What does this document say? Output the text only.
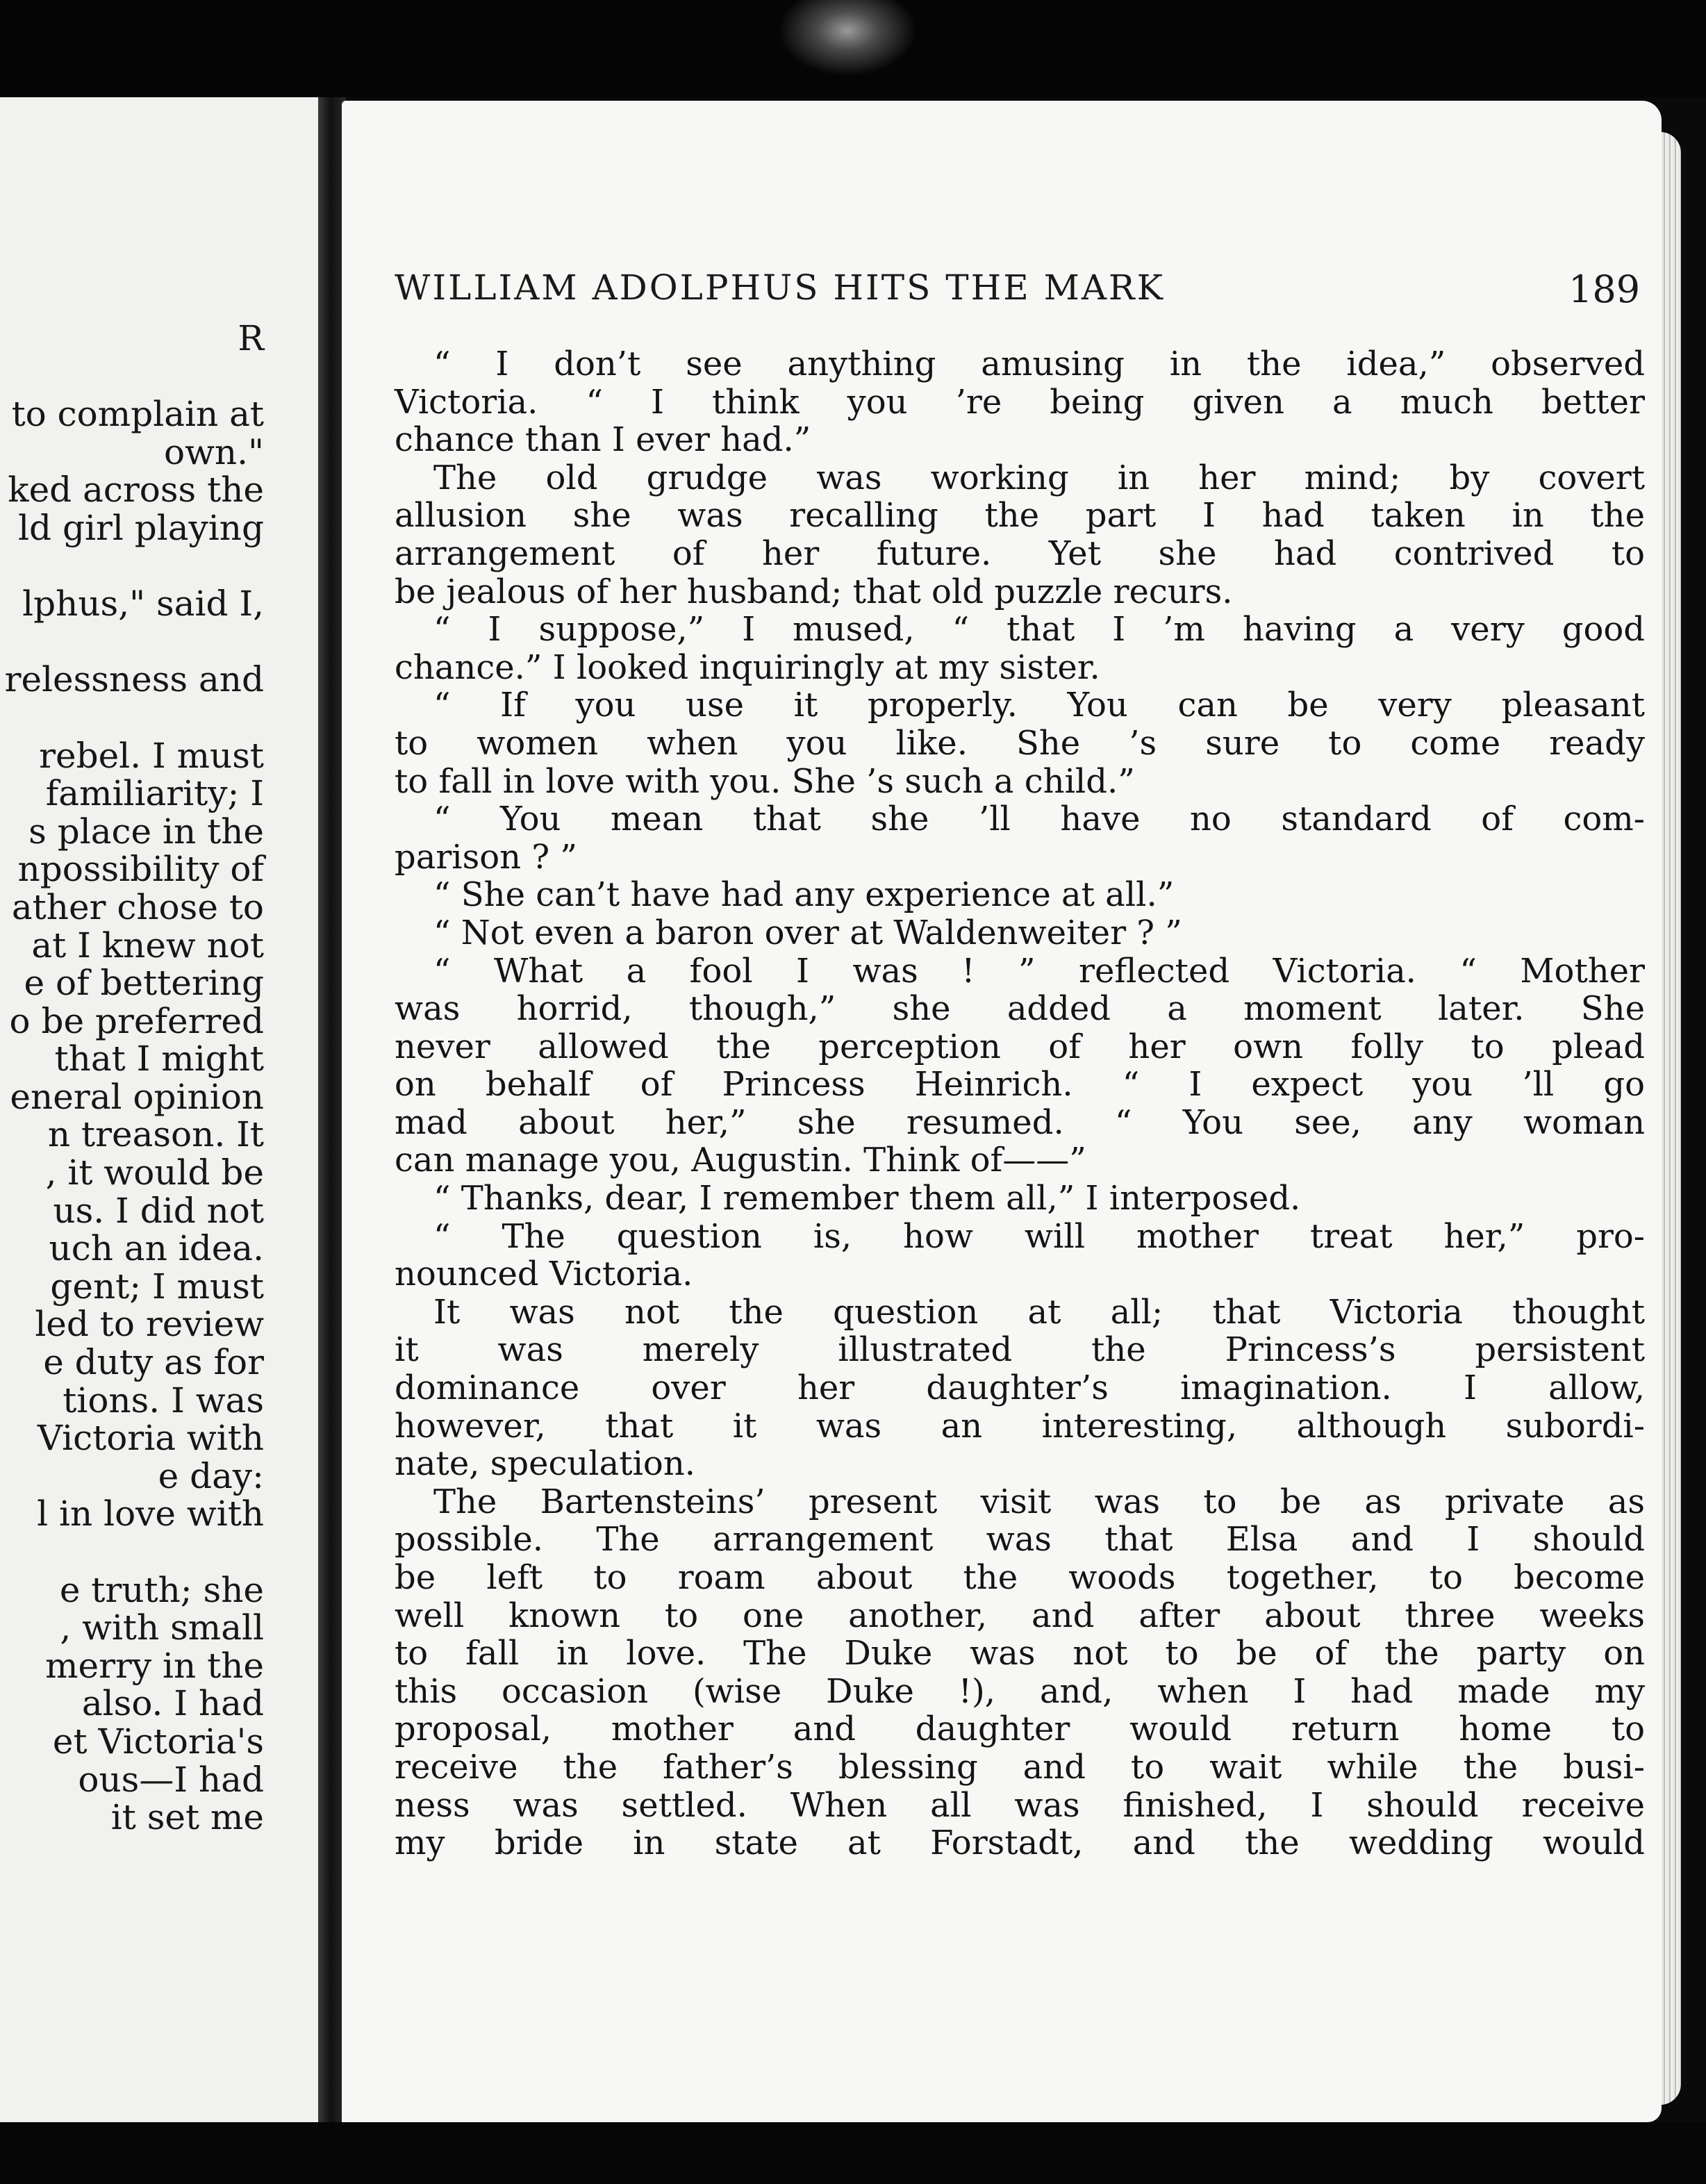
R
to complain at
own."
ked across the
ld girl playing
lphus," said I,
relessness and
rebel. I must
familiarity; I
s place in the
npossibility of
ather chose to
at I knew not
e of bettering
o be preferred
that I might
eneral opinion
n treason. It
, it would be
us. I did not
uch an idea.
gent; I must
led to review
e duty as for
tions. I was
Victoria with
e day:
l in love with
e truth; she
, with small
merry in the
also. I had
et Victoria's
ous—I had
it set me
WILLIAM ADOLPHUS HITS THE MARK	189
“ I don’t see anything amusing in the idea,” observed
Victoria. “ I think you ’re being given a much better
chance than I ever had.”
The old grudge was working in her mind; by covert
allusion she was recalling the part I had taken in the
arrangement of her future. Yet she had contrived to
be jealous of her husband; that old puzzle recurs.
“ I suppose,” I mused, “ that I ’m having a very good
chance.” I looked inquiringly at my sister.
“ If you use it properly. You can be very pleasant
to women when you like. She ’s sure to come ready
to fall in love with you. She ’s such a child.”
“ You mean that she ’ll have no standard of com-
parison ? ”
“ She can’t have had any experience at all.”
“ Not even a baron over at Waldenweiter ? ”
“ What a fool I was ! ” reflected Victoria. “ Mother
was horrid, though,” she added a moment later. She
never allowed the perception of her own folly to plead
on behalf of Princess Heinrich. “ I expect you ’ll go
mad about her,” she resumed. “ You see, any woman
can manage you, Augustin. Think of——”
“ Thanks, dear, I remember them all,” I interposed.
“ The question is, how will mother treat her,” pro-
nounced Victoria.
It was not the question at all; that Victoria thought
it was merely illustrated the Princess’s persistent
dominance over her daughter’s imagination. I allow,
however, that it was an interesting, although subordi-
nate, speculation.
The Bartensteins’ present visit was to be as private as
possible. The arrangement was that Elsa and I should
be left to roam about the woods together, to become
well known to one another, and after about three weeks
to fall in love. The Duke was not to be of the party on
this occasion (wise Duke !), and, when I had made my
proposal, mother and daughter would return home to
receive the father’s blessing and to wait while the busi-
ness was settled. When all was finished, I should receive
my bride in state at Forstadt, and the wedding would
